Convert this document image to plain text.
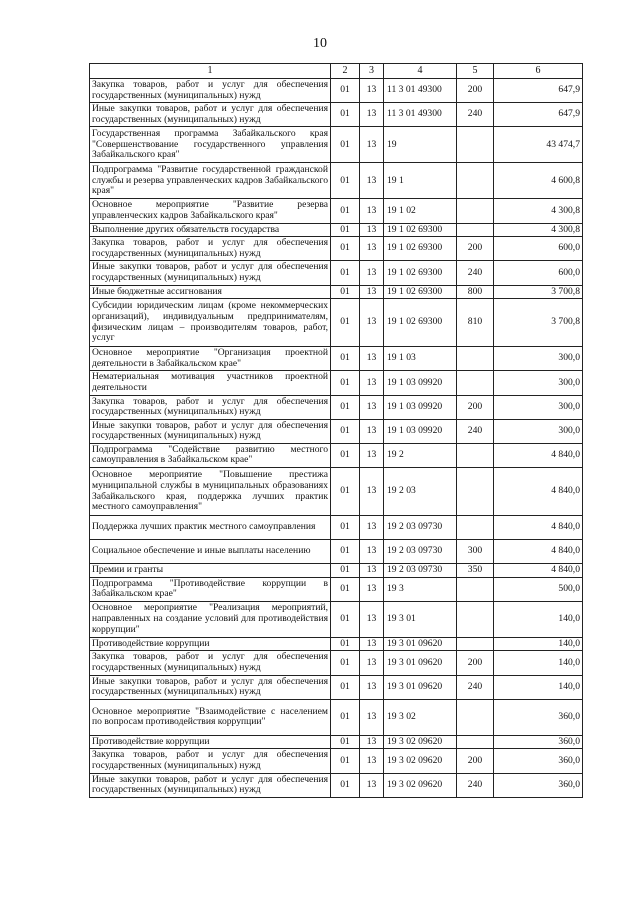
10
1	2	3	4	5	6
Закупка товаров, работ и услуг для обеспечения государственных (муниципальных) нужд	01	13	11 3 01 49300	200	647,9
Иные закупки товаров, работ и услуг для обеспечения государственных (муниципальных) нужд	01	13	11 3 01 49300	240	647,9
Государственная программа Забайкальского края "Совершенствование государственного управления Забайкальского края"	01	13	19		43 474,7
Подпрограмма "Развитие государственной гражданской службы и резерва управленческих кадров Забайкальского края"	01	13	19 1		4 600,8
Основное мероприятие "Развитие резерва управленческих кадров Забайкальского края"	01	13	19 1 02		4 300,8
Выполнение других обязательств государства	01	13	19 1 02 69300		4 300,8
Закупка товаров, работ и услуг для обеспечения государственных (муниципальных) нужд	01	13	19 1 02 69300	200	600,0
Иные закупки товаров, работ и услуг для обеспечения государственных (муниципальных) нужд	01	13	19 1 02 69300	240	600,0
Иные бюджетные ассигнования	01	13	19 1 02 69300	800	3 700,8
Субсидии юридическим лицам (кроме некоммерческих организаций), индивидуальным предпринимателям, физическим лицам – производителям товаров, работ, услуг	01	13	19 1 02 69300	810	3 700,8
Основное мероприятие "Организация проектной деятельности в Забайкальском крае"	01	13	19 1 03		300,0
Нематериальная мотивация участников проектной деятельности	01	13	19 1 03 09920		300,0
Закупка товаров, работ и услуг для обеспечения государственных (муниципальных) нужд	01	13	19 1 03 09920	200	300,0
Иные закупки товаров, работ и услуг для обеспечения государственных (муниципальных) нужд	01	13	19 1 03 09920	240	300,0
Подпрограмма "Содействие развитию местного самоуправления в Забайкальском крае"	01	13	19 2		4 840,0
Основное мероприятие "Повышение престижа муниципальной службы в муниципальных образованиях Забайкальского края, поддержка лучших практик местного самоуправления"	01	13	19 2 03		4 840,0
Поддержка лучших практик местного самоуправления	01	13	19 2 03 09730		4 840,0
Социальное обеспечение и иные выплаты населению	01	13	19 2 03 09730	300	4 840,0
Премии и гранты	01	13	19 2 03 09730	350	4 840,0
Подпрограмма "Противодействие коррупции в Забайкальском крае"	01	13	19 3		500,0
Основное мероприятие "Реализация мероприятий, направленных на создание условий для противодействия коррупции"	01	13	19 3 01		140,0
Противодействие коррупции	01	13	19 3 01 09620		140,0
Закупка товаров, работ и услуг для обеспечения государственных (муниципальных) нужд	01	13	19 3 01 09620	200	140,0
Иные закупки товаров, работ и услуг для обеспечения государственных (муниципальных) нужд	01	13	19 3 01 09620	240	140,0
Основное мероприятие "Взаимодействие с населением по вопросам противодействия коррупции"	01	13	19 3 02		360,0
Противодействие коррупции	01	13	19 3 02 09620		360,0
Закупка товаров, работ и услуг для обеспечения государственных (муниципальных) нужд	01	13	19 3 02 09620	200	360,0
Иные закупки товаров, работ и услуг для обеспечения государственных (муниципальных) нужд	01	13	19 3 02 09620	240	360,0
